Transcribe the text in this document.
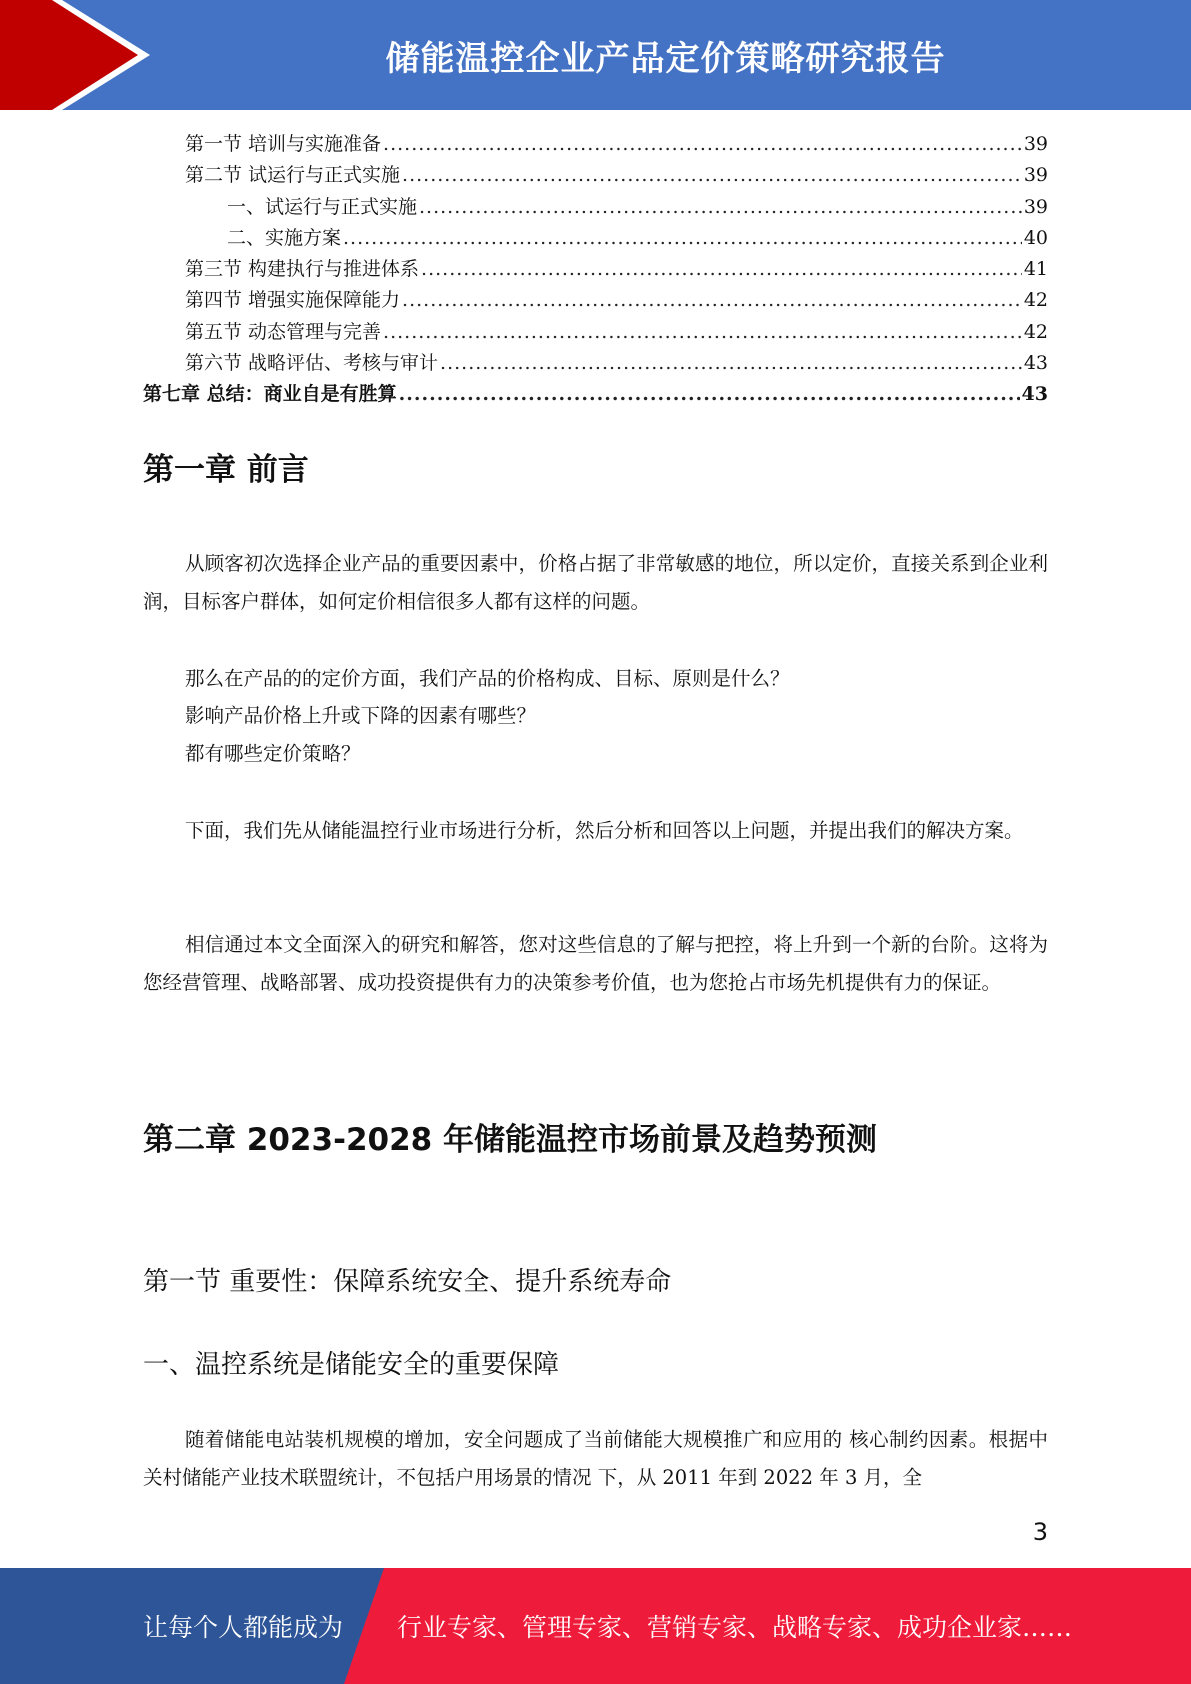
储能温控企业产品定价策略研究报告
第一节 培训与实施准备 .....	39
第二节 试运行与正式实施 .....	39
一、试运行与正式实施 .....	39
二、实施方案 .....	40
第三节 构建执行与推进体系 .....	41
第四节 增强实施保障能力 .....	42
第五节 动态管理与完善 .....	42
第六节 战略评估、考核与审计 .....	43
第七章 总结：商业自是有胜算 .....	43
第一章 前言

从顾客初次选择企业产品的重要因素中，价格占据了非常敏感的地位，所以定价，直接关系到企业利润，目标客户群体，如何定价相信很多人都有这样的问题。

那么在产品的的定价方面，我们产品的价格构成、目标、原则是什么？

影响产品价格上升或下降的因素有哪些？

都有哪些定价策略？

下面，我们先从储能温控行业市场进行分析，然后分析和回答以上问题，并提出我们的解决方案。

相信通过本文全面深入的研究和解答，您对这些信息的了解与把控，将上升到一个新的台阶。这将为您经营管理、战略部署、成功投资提供有力的决策参考价值，也为您抢占市场先机提供有力的保证。

第二章 2023-2028 年储能温控市场前景及趋势预测
第一节 重要性：保障系统安全、提升系统寿命
一、温控系统是储能安全的重要保障

随着储能电站装机规模的增加，安全问题成了当前储能大规模推广和应用的 核心制约因素。根据中关村储能产业技术联盟统计，不包括户用场景的情况 下，从 2011 年到 2022 年 3 月，全

3
让每个人都能成为 行业专家、管理专家、营销专家、战略专家、成功企业家……
